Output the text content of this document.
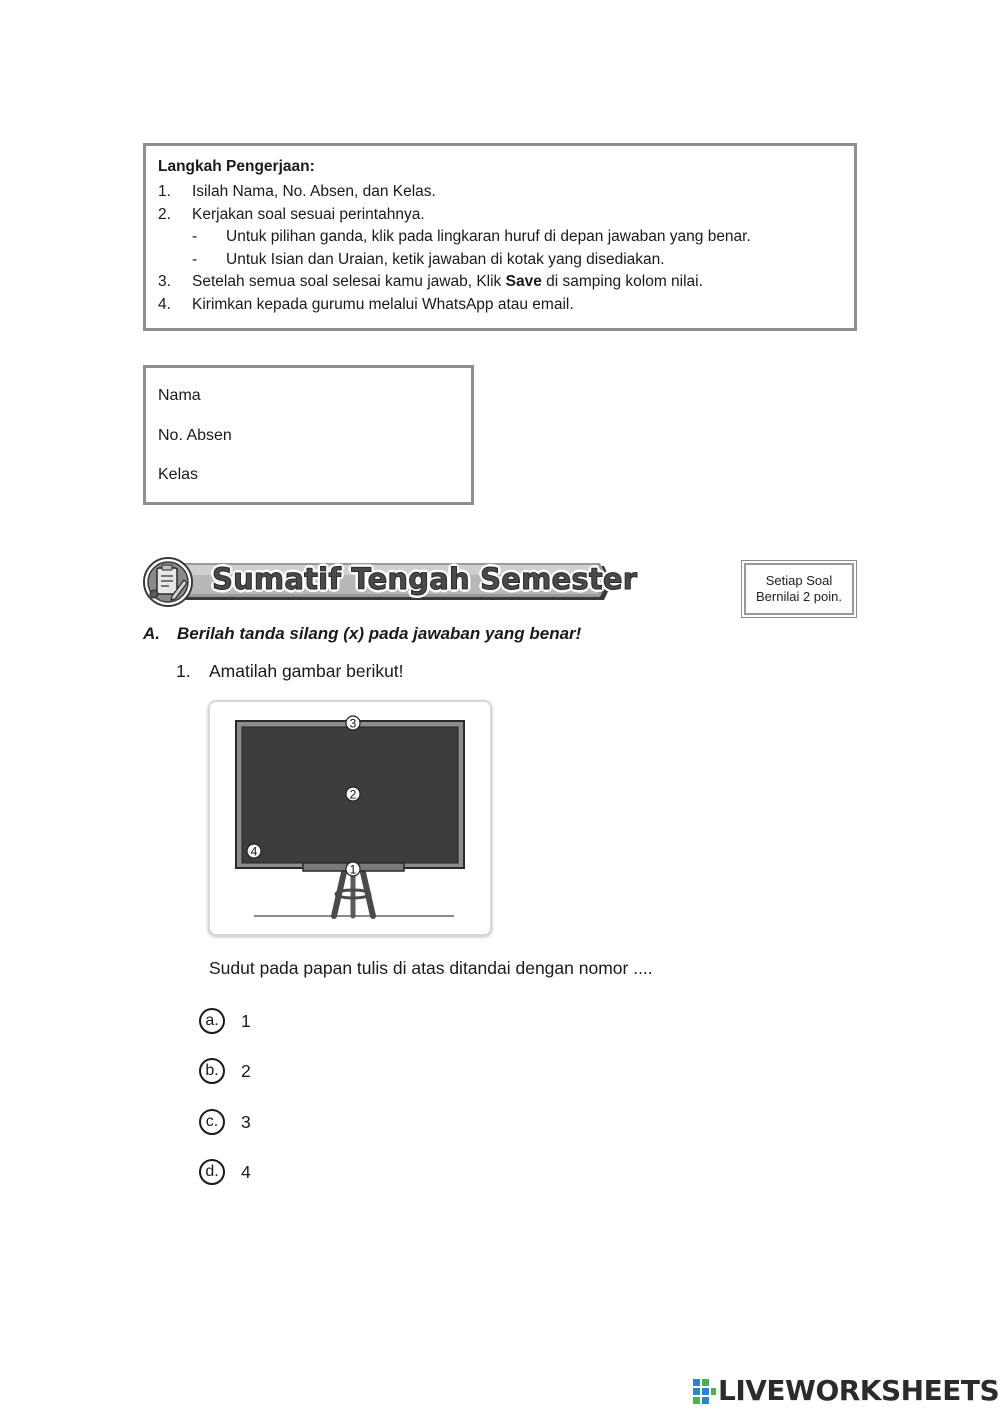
Langkah Pengerjaan:
1.	Isilah Nama, No. Absen, dan Kelas.
2.	Kerjakan soal sesuai perintahnya.
-	Untuk pilihan ganda, klik pada lingkaran huruf di depan jawaban yang benar.
-	Untuk Isian dan Uraian, ketik jawaban di kotak yang disediakan.
3.	Setelah semua soal selesai kamu jawab, Klik Save di samping kolom nilai.
4.	Kirimkan kepada gurumu melalui WhatsApp atau email.
Nama
No. Absen
Kelas
Sumatif Tengah Semester	Setiap Soal
Bernilai 2 poin.
A.	Berilah tanda silang (x) pada jawaban yang benar!
1.	Amatilah gambar berikut!
3
2
4
1
Sudut pada papan tulis di atas ditandai dengan nomor ....
a.	1
b.	2
c.	3
d.	4
LIVEWORKSHEETS
